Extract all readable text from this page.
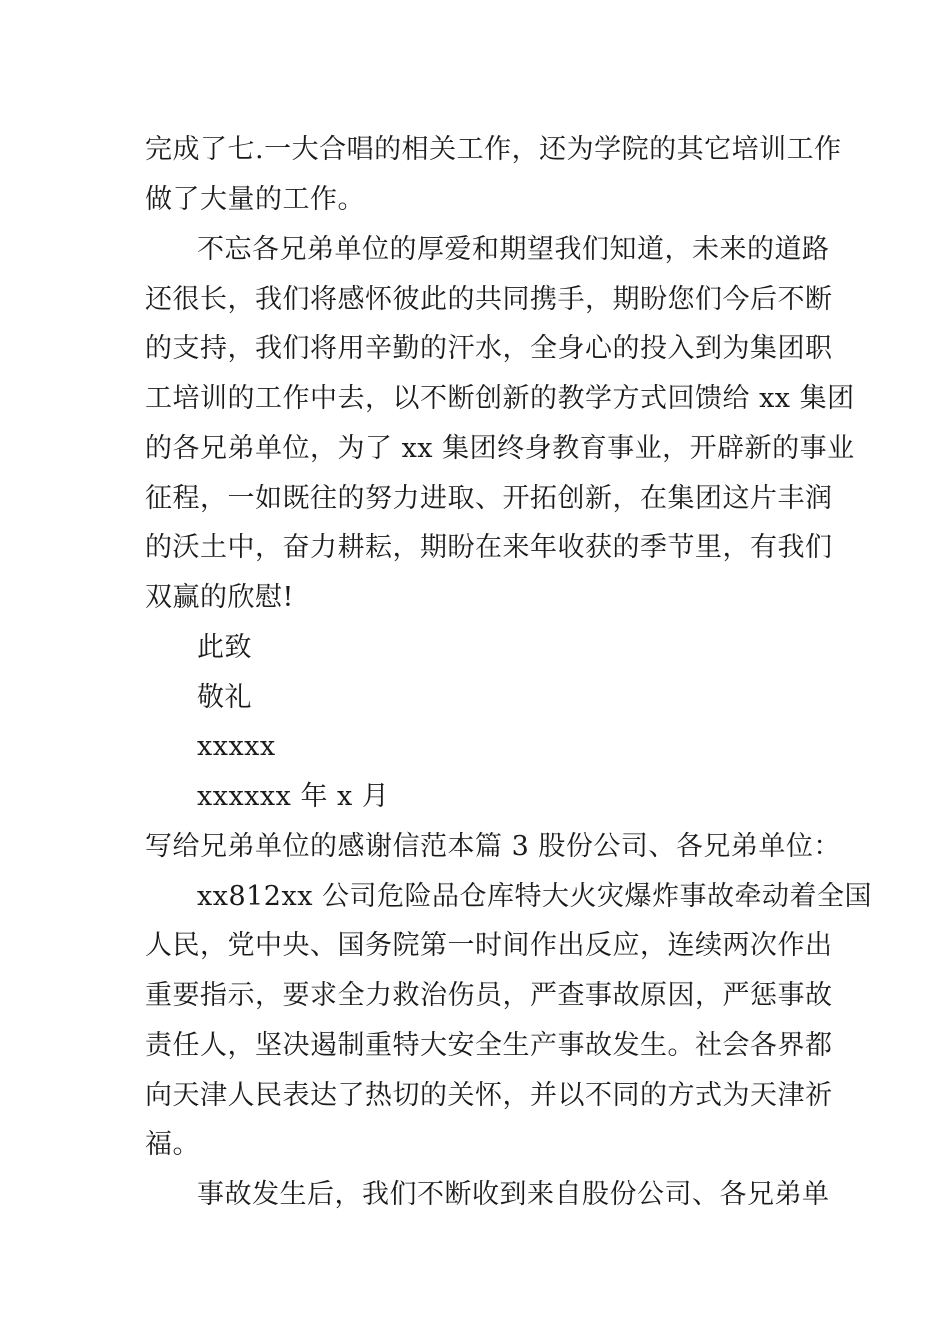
完成了七.一大合唱的相关工作，还为学院的其它培训工作
做了大量的工作。
不忘各兄弟单位的厚爱和期望我们知道，未来的道路
还很长，我们将感怀彼此的共同携手，期盼您们今后不断
的支持，我们将用辛勤的汗水，全身心的投入到为集团职
工培训的工作中去，以不断创新的教学方式回馈给 xx 集团
的各兄弟单位，为了 xx 集团终身教育事业，开辟新的事业
征程，一如既往的努力进取、开拓创新，在集团这片丰润
的沃土中，奋力耕耘，期盼在来年收获的季节里，有我们
双赢的欣慰!
此致
敬礼
xxxxx
xxxxxx 年 x 月
写给兄弟单位的感谢信范本篇 3 股份公司、各兄弟单位：
xx812xx 公司危险品仓库特大火灾爆炸事故牵动着全国
人民，党中央、国务院第一时间作出反应，连续两次作出
重要指示，要求全力救治伤员，严查事故原因，严惩事故
责任人，坚决遏制重特大安全生产事故发生。社会各界都
向天津人民表达了热切的关怀，并以不同的方式为天津祈
福。
事故发生后，我们不断收到来自股份公司、各兄弟单
